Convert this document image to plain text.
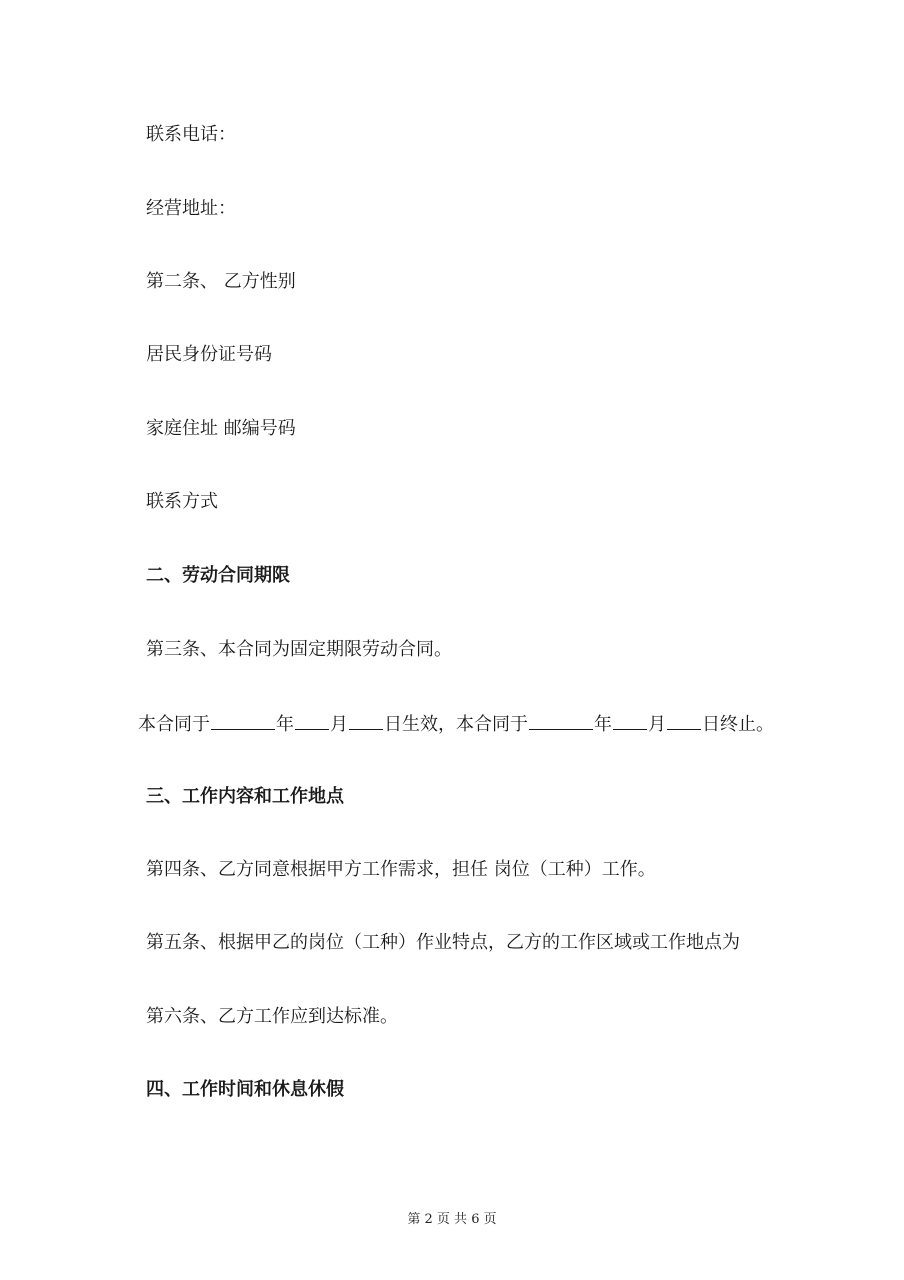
联系电话：
经营地址：
第二条、 乙方性别
居民身份证号码
家庭住址 邮编号码
联系方式
二、劳动合同期限
第三条、本合同为固定期限劳动合同。
本合同于	年 月 日生效，本合同于	年 月 日终止。
三、工作内容和工作地点
第四条、乙方同意根据甲方工作需求，担任 岗位（工种）工作。
第五条、根据甲乙的岗位（工种）作业特点，乙方的工作区域或工作地点为
第六条、乙方工作应到达标准。
四、工作时间和休息休假
第 2 页 共 6 页
